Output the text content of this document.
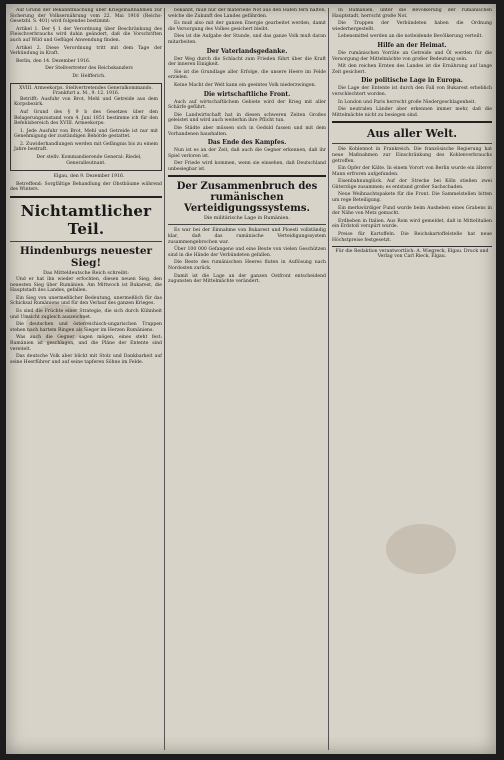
Auf Grund der Bekanntmachung über Kriegsmaßnahmen zur Sicherung der Volksernährung vom 22. Mai 1916 (Reichs-Gesetzbl. S. 401) wird folgendes bestimmt:

Artikel 1. Der § 1 der Verordnung über Beschränkung des Fleischverbrauchs wird dahin geändert, daß die Vorschriften auch auf Wild und Geflügel Anwendung finden.

Artikel 2. Diese Verordnung tritt mit dem Tage der Verkündung in Kraft.

Berlin, den 14. Dezember 1916.

Der Stellvertreter des Reichskanzlers

Dr. Helfferich.

XVIII. Armeekorps. Stellvertretendes Generalkommando. Frankfurt a. M., 9. 12. 1916.

Betrifft: Ausfuhr von Brot, Mehl und Getreide aus dem Korpsbezirk.

Auf Grund des § 9 b des Gesetzes über den Belagerungszustand vom 4. Juni 1851 bestimme ich für den Befehlsbereich des XVIII. Armeekorps:

1. Jede Ausfuhr von Brot, Mehl und Getreide ist nur mit Genehmigung der zuständigen Behörde gestattet.

2. Zuwiderhandlungen werden mit Gefängnis bis zu einem Jahre bestraft.

Der stellv. Kommandierende General: Riedel, Generalleutnant.

Elgau, den 9. Dezember 1916.

Betreffend: Sorgfältige Behandlung der Obstbäume während des Winters.

Nichtamtlicher Teil.
Hindenburgs neuester Sieg!
Das Mitteldeutsche Reich schreibt:

Und er hat ihn wieder erfochten, diesen neuen Sieg, den neuesten Sieg über Rumänien. Am Mittwoch ist Bukarest, die Hauptstadt des Landes, gefallen.

Ein Sieg von unermeßlicher Bedeutung, unermeßlich für das Schicksal Rumäniens und für den Verlauf des ganzen Krieges.

Es sind die Früchte einer Strategie, die sich durch Kühnheit und Umsicht zugleich auszeichnet.

Die deutschen und österreichisch-ungarischen Truppen stehen nach hartem Ringen als Sieger im Herzen Rumäniens.

Was auch die Gegner sagen mögen, eines steht fest: Rumänien ist geschlagen, und die Pläne der Entente sind vereitelt.

Das deutsche Volk aber blickt mit Stolz und Dankbarkeit auf seine Heerführer und auf seine tapferen Söhne im Felde.

bekannt, muß nur der materielle Not aus den Häfen fern halten, welche die Zukunft des Landes gefährden.

Es muß also mit der ganzen Energie gearbeitet werden, damit die Versorgung des Volkes gesichert bleibt.

Dies ist die Aufgabe der Stunde, und das ganze Volk muß daran mitarbeiten.

Der Vaterlandsgedanke.

Der Weg durch die Schlacht zum Frieden führt über die Kraft der inneren Einigkeit.

Sie ist die Grundlage aller Erfolge, die unsere Heere im Felde erzielen.

Keine Macht der Welt kann ein geeintes Volk niederzwingen.

Die wirtschaftliche Front.

Auch auf wirtschaftlichem Gebiete wird der Krieg mit aller Schärfe geführt.

Die Landwirtschaft hat in diesen schweren Zeiten Großes geleistet und wird auch weiterhin ihre Pflicht tun.

Die Städte aber müssen sich in Geduld fassen und mit dem Vorhandenen haushalten.

Das Ende des Kampfes.

Nun ist es an der Zeit, daß auch die Gegner erkennen, daß ihr Spiel verloren ist.

Der Friede wird kommen, wenn sie einsehen, daß Deutschland unbesiegbar ist.

Der Zusammenbruch des rumänischen Verteidigungssystems.
Die militärische Lage in Rumänien.

Es war bei der Einnahme von Bukarest und Ploesti vollständig klar, daß das rumänische Verteidigungssystem zusammengebrochen war.

Über 100 000 Gefangene und eine Beute von vielen Geschützen sind in die Hände der Verbündeten gefallen.

Die Reste des rumänischen Heeres fluten in Auflösung nach Nordosten zurück.

Damit ist die Lage an der ganzen Ostfront entscheidend zugunsten der Mittelmächte verändert.

In Rumänien, unter die Bevölkerung der rumänischen Hauptstadt, herrscht große Not.

Die Truppen der Verbündeten haben die Ordnung wiederhergestellt.

Lebensmittel werden an die notleidende Bevölkerung verteilt.

Hilfe an der Heimat.

Die rumänischen Vorräte an Getreide und Öl werden für die Versorgung der Mittelmächte von großer Bedeutung sein.

Mit den reichen Ernten des Landes ist die Ernährung auf lange Zeit gesichert.

Die politische Lage in Europa.

Die Lage der Entente ist durch den Fall von Bukarest erheblich verschlechtert worden.

In London und Paris herrscht große Niedergeschlagenheit.

Die neutralen Länder aber erkennen immer mehr, daß die Mittelmächte nicht zu besiegen sind.

Aus aller Welt.

Die Kohlennot in Frankreich. Die französische Regierung hat neue Maßnahmen zur Einschränkung des Kohlenverbrauchs getroffen.

Ein Opfer der Kälte. In einem Vorort von Berlin wurde ein älterer Mann erfroren aufgefunden.

Eisenbahnunglück. Auf der Strecke bei Köln stießen zwei Güterzüge zusammen; es entstand großer Sachschaden.

Neue Weihnachtspakete für die Front. Die Sammelstellen bitten um rege Beteiligung.

Ein merkwürdiger Fund wurde beim Ausheben eines Grabens in der Nähe von Metz gemacht.

Erdbeben in Italien. Aus Rom wird gemeldet, daß in Mittelitalien ein Erdstoß verspürt wurde.

Preise für Kartoffeln. Die Reichskartoffelstelle hat neue Höchstpreise festgesetzt.

Für die Redaktion verantwortlich: A. Wiegreck, Elgau. Druck und Verlag von Carl Rieck, Elgau.
